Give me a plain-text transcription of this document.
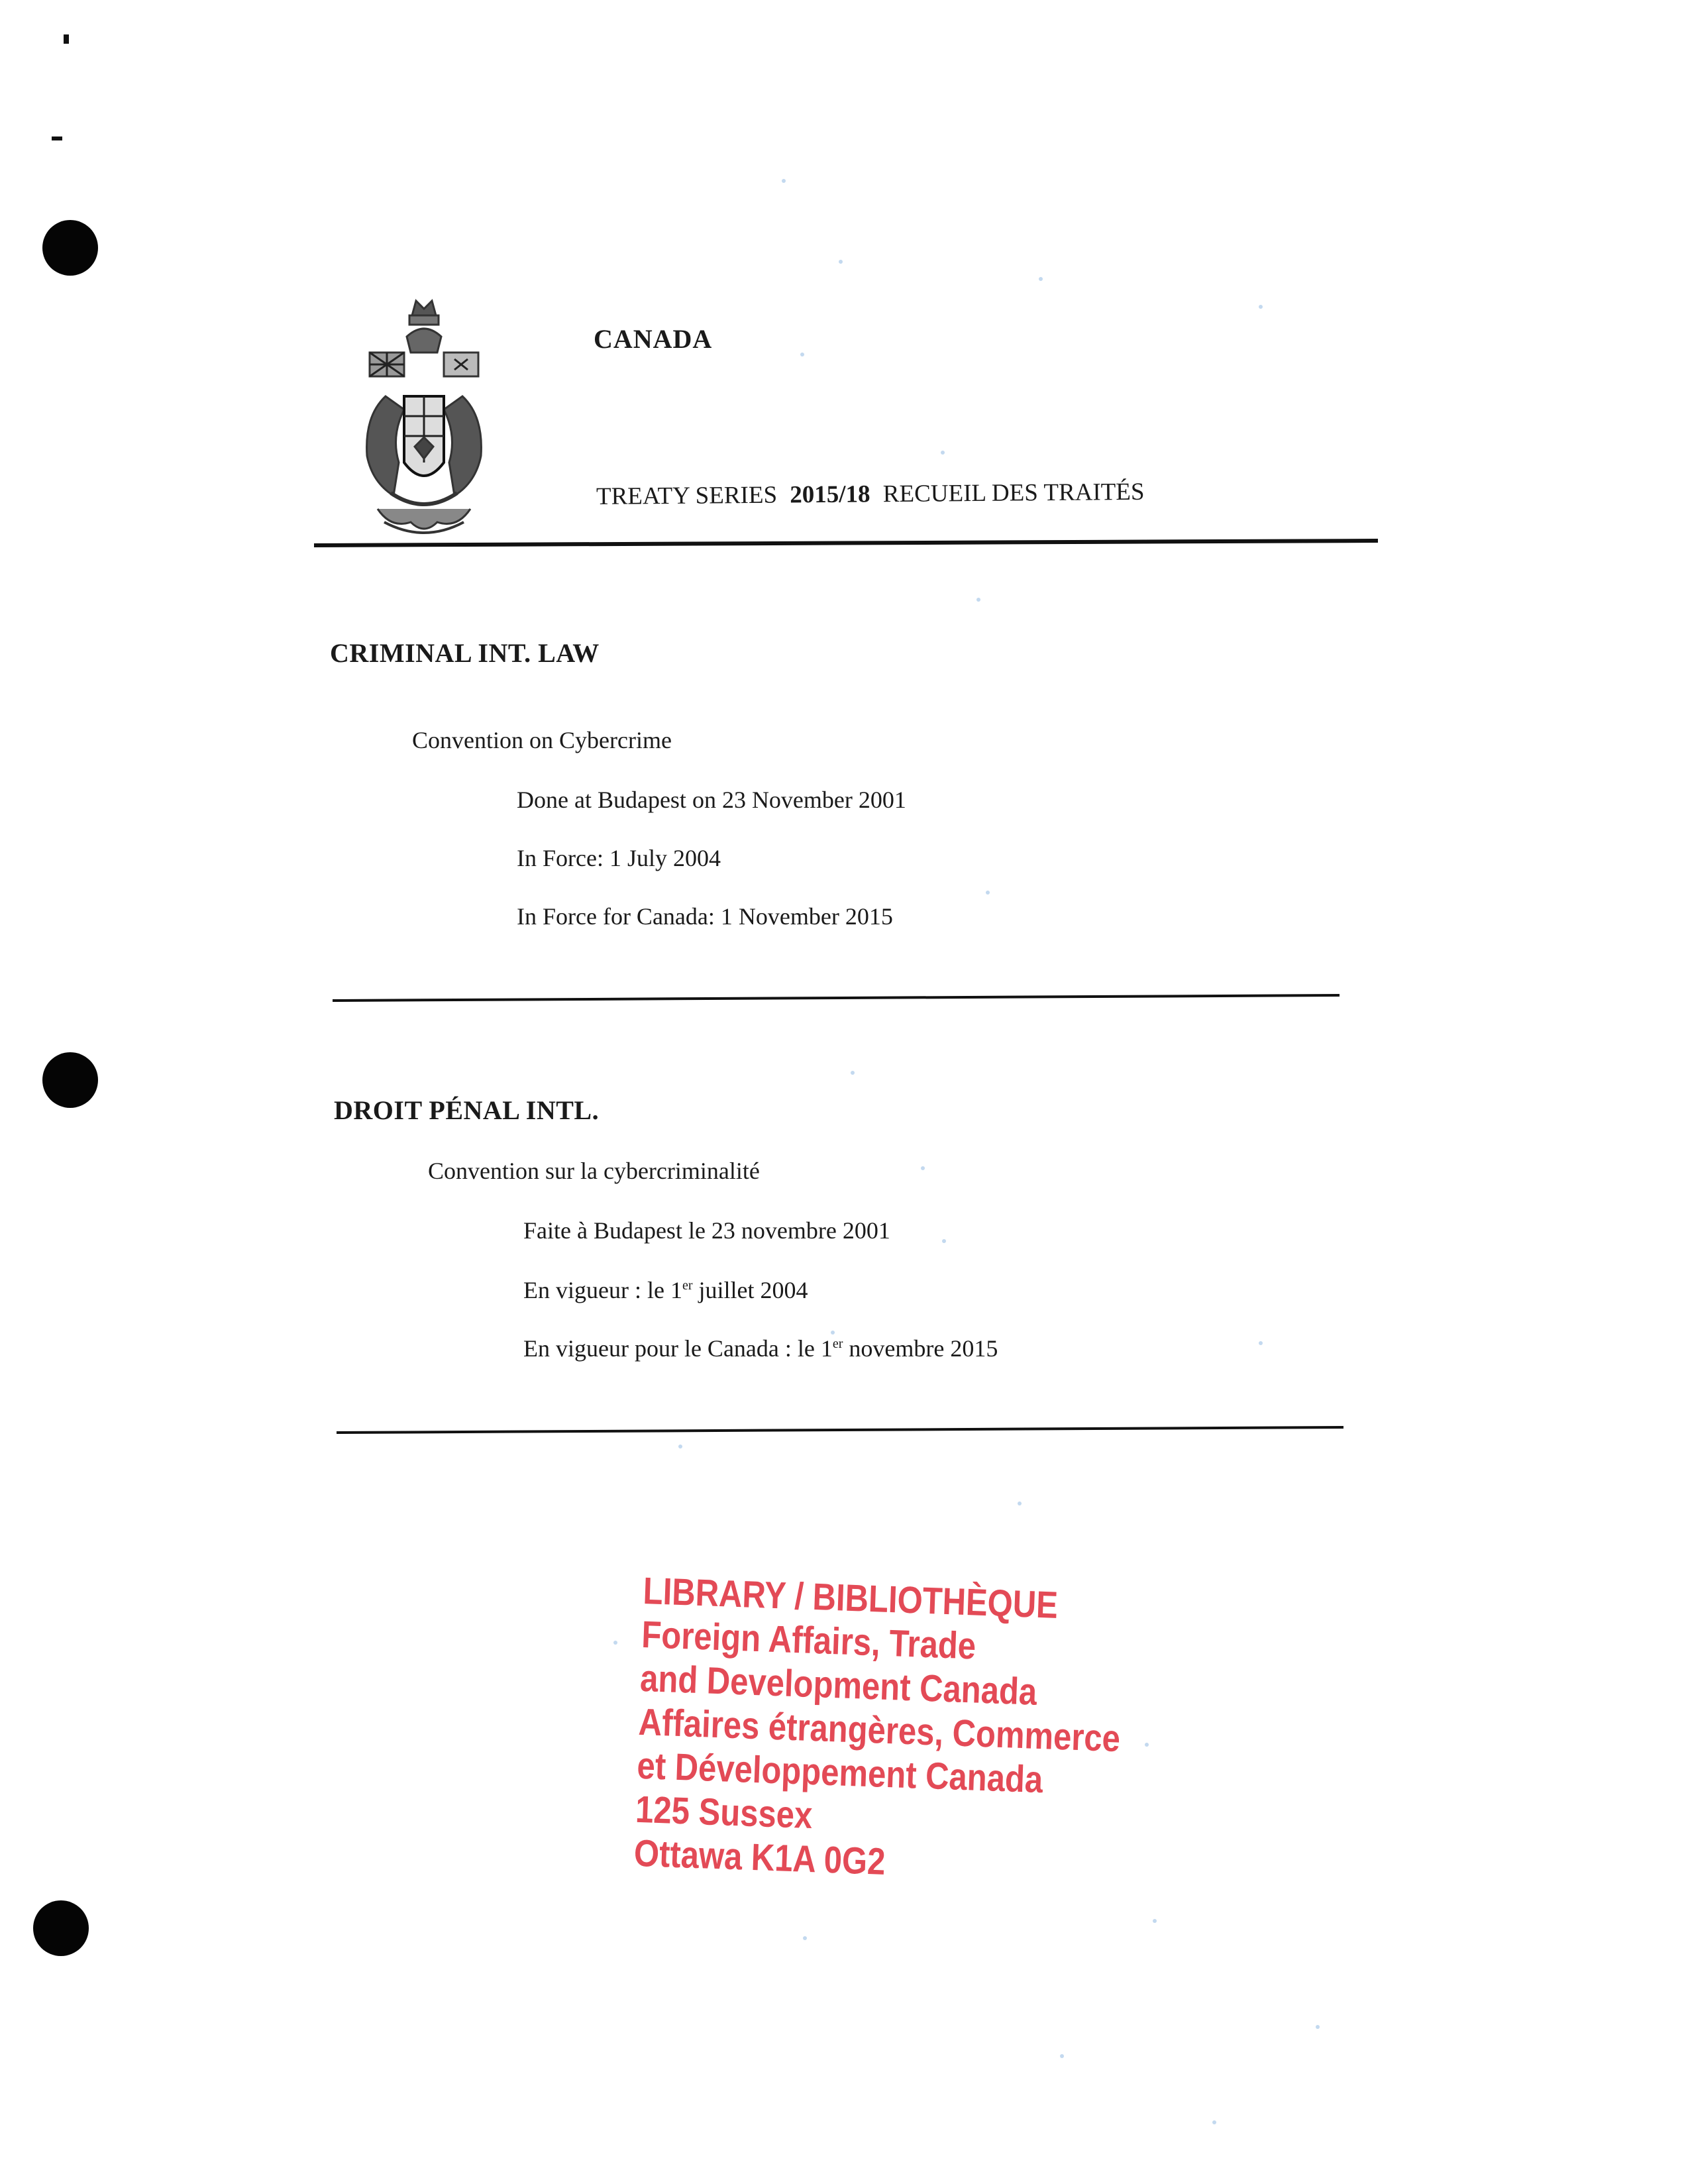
CANADA
TREATY SERIES 2015/18 RECUEIL DES TRAITÉS
CRIMINAL INT. LAW
Convention on Cybercrime
Done at Budapest on 23 November 2001
In Force: 1 July 2004
In Force for Canada: 1 November 2015
DROIT PÉNAL INTL.
Convention sur la cybercriminalité
Faite à Budapest le 23 novembre 2001
En vigueur : le 1er juillet 2004
En vigueur pour le Canada : le 1er novembre 2015
LIBRARY / BIBLIOTHÈQUE
Foreign Affairs, Trade
and Development Canada
Affaires étrangères, Commerce
et Développement Canada
125 Sussex
Ottawa K1A 0G2
